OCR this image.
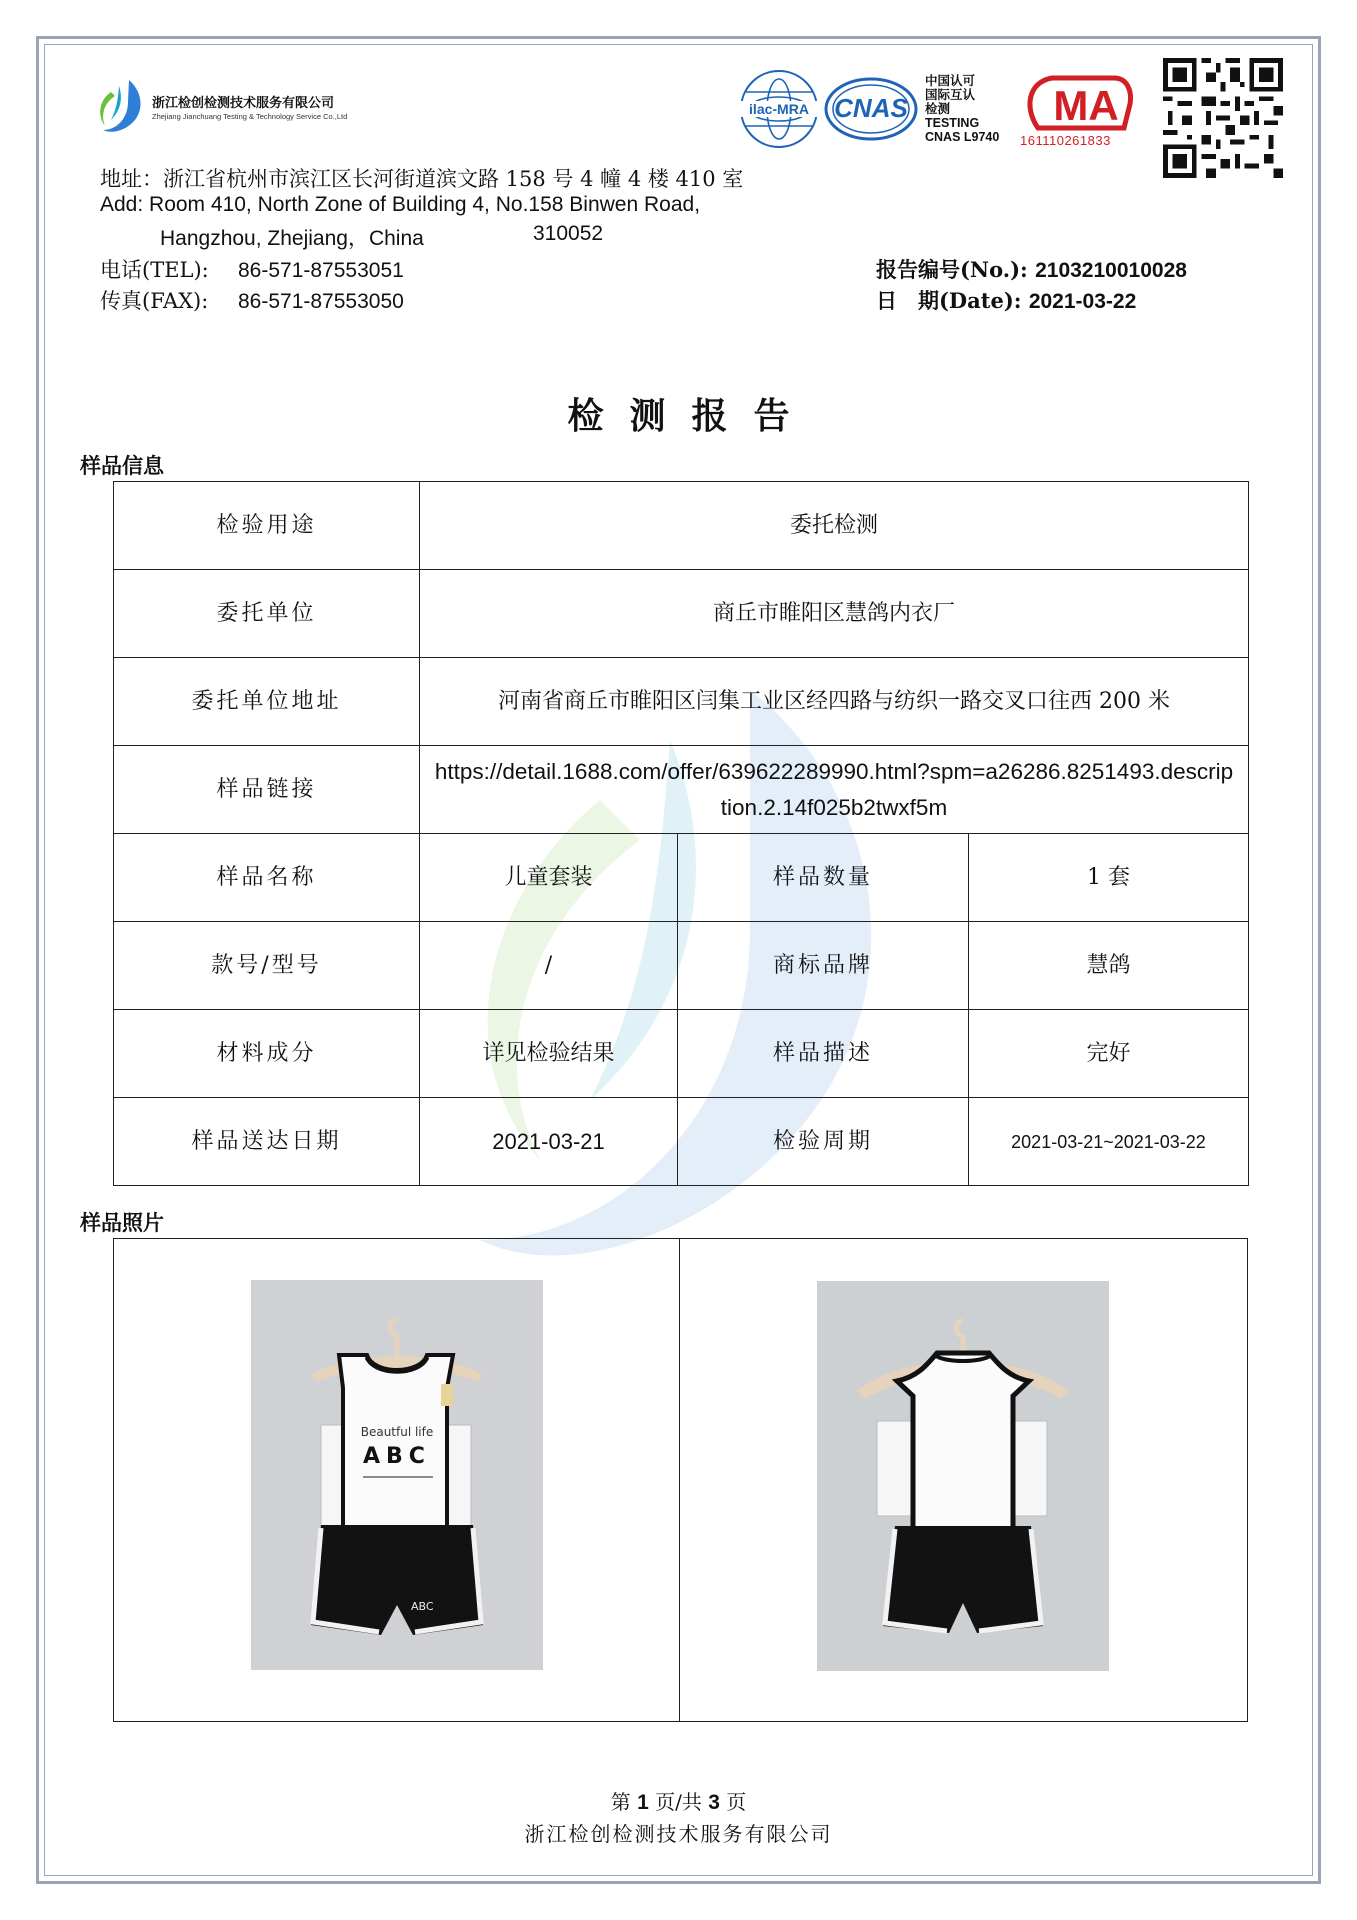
浙江检创检测技术服务有限公司
Zhejiang Jianchuang Testing & Technology Service Co.,Ltd	ilac-MRA CNAS
中国认可
国际互认
检测
TESTING
CNAS L9740
MA
161110261833
地址：浙江省杭州市滨江区长河街道滨文路 158 号 4 幢 4 楼 410 室
Add: Room 410, North Zone of Building 4, No.158 Binwen Road,
Hangzhou, Zhejiang，China	310052
电话(TEL): 86-571-87553051
传真(FAX): 86-571-87553050
报告编号(No.): 2103210010028
日　期(Date): 2021-03-22
检测报告
样品信息
检验用途	委托检测		
委托单位	商丘市睢阳区慧鸽内衣厂		
委托单位地址	河南省商丘市睢阳区闫集工业区经四路与纺织一路交叉口往西 200 米		
样品链接	https://detail.1688.com/offer/639622289990.html?spm=a26286.8251493.description.2.14f025b2twxf5m		
样品名称	儿童套装	样品数量	1 套
款号/型号	/	商标品牌	慧鸽
材料成分	详见检验结果	样品描述	完好
样品送达日期	2021-03-21	检验周期	2021-03-21~2021-03-22
样品照片
Beautful life
ABC
ABC
第 1 页/共 3 页
浙江检创检测技术服务有限公司
